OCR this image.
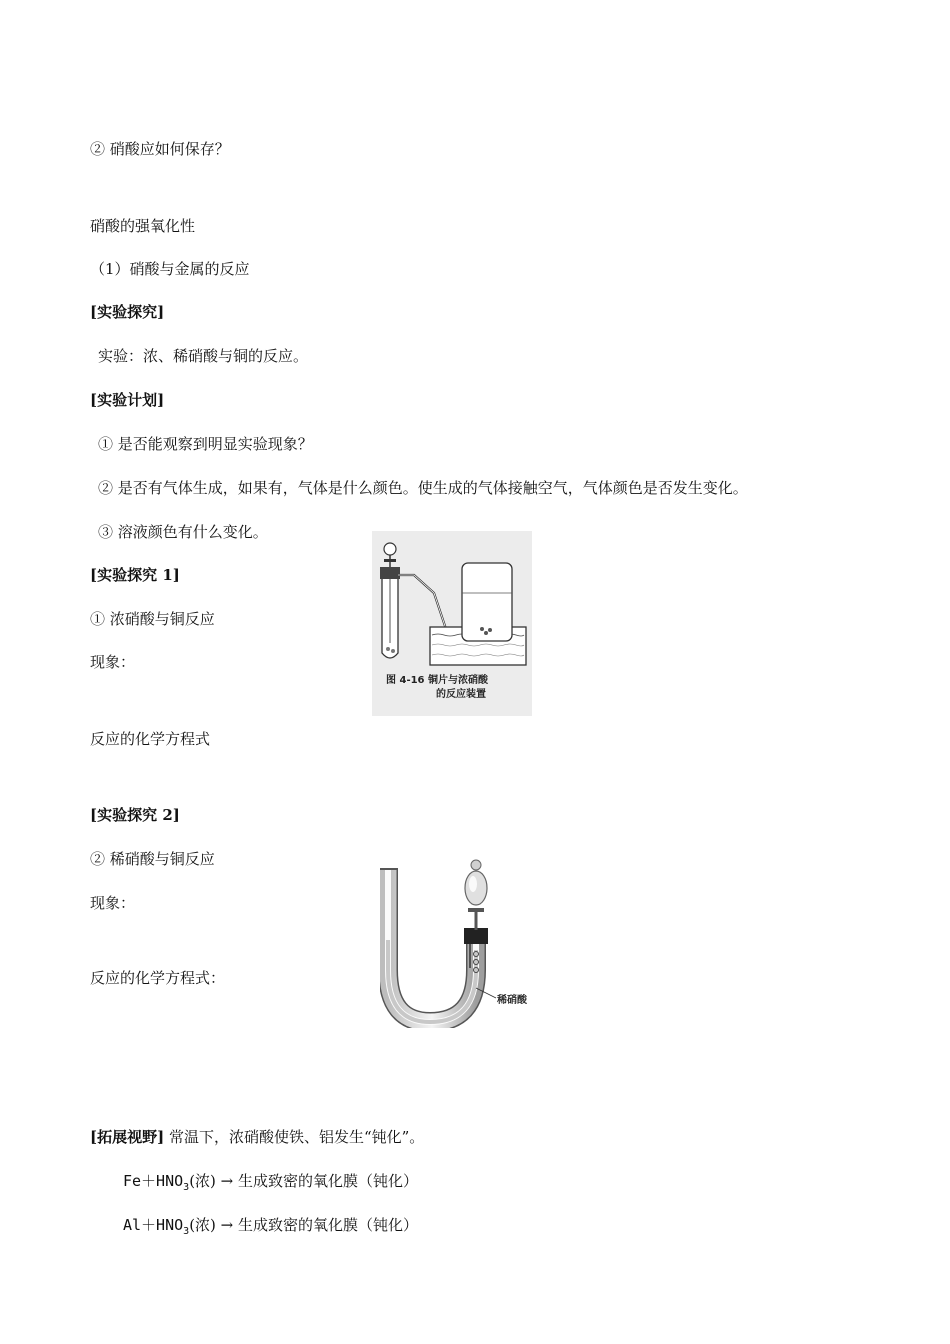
② 硝酸应如何保存？
硝酸的强氧化性
（1）硝酸与金属的反应
[实验探究]
实验：浓、稀硝酸与铜的反应。
[实验计划]
① 是否能观察到明显实验现象？
② 是否有气体生成，如果有，气体是什么颜色。使生成的气体接触空气，气体颜色是否发生变化。
③ 溶液颜色有什么变化。
[实验探究 1]
① 浓硝酸与铜反应
现象：
反应的化学方程式
[实验探究 2]
② 稀硝酸与铜反应
现象：
反应的化学方程式：
[拓展视野] 常温下，浓硝酸使铁、铝发生“钝化”。
$Fe+HNO_3$(浓) → 生成致密的氧化膜（钝化）
$Al+HNO_3$(浓) → 生成致密的氧化膜（钝化）
图 4-16 铜片与浓硝酸
的反应装置
稀硝酸
